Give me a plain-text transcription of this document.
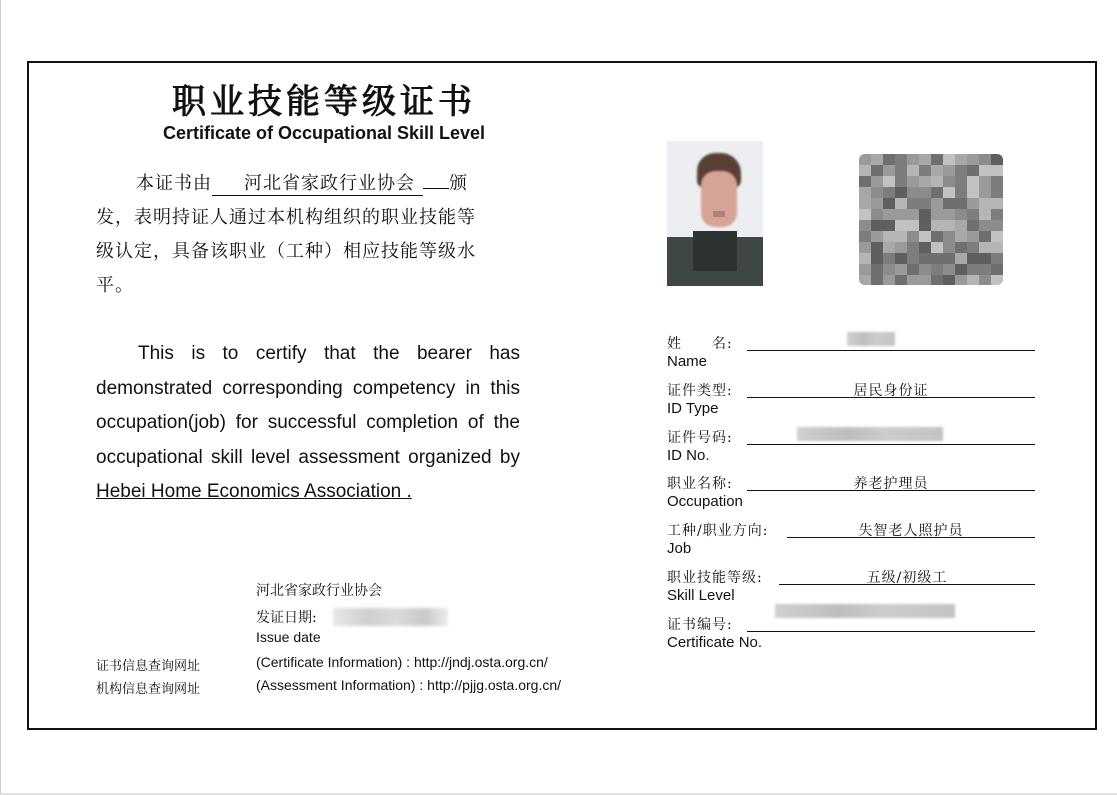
职业技能等级证书
Certificate of Occupational Skill Level
本证书由 河北省家政行业协会 颁
发，表明持证人通过本机构组织的职业技能等
级认定，具备该职业（工种）相应技能等级水
平。
This is to certify that the bearer has demonstrated corresponding competency in this occupation(job) for successful completion of the occupational skill level assessment organized by Hebei Home Economics Association .
河北省家政行业协会
发证日期:
Issue date
证书信息查询网址	(Certificate Information) : http://jndj.osta.org.cn/
机构信息查询网址	(Assessment Information) : http://pjjg.osta.org.cn/
姓　　名:
Name
证件类型:
ID Type
居民身份证
证件号码:
ID No.
职业名称:
Occupation
养老护理员
工种/职业方向:
Job
失智老人照护员
职业技能等级:
Skill Level
五级/初级工
证书编号:
Certificate No.
